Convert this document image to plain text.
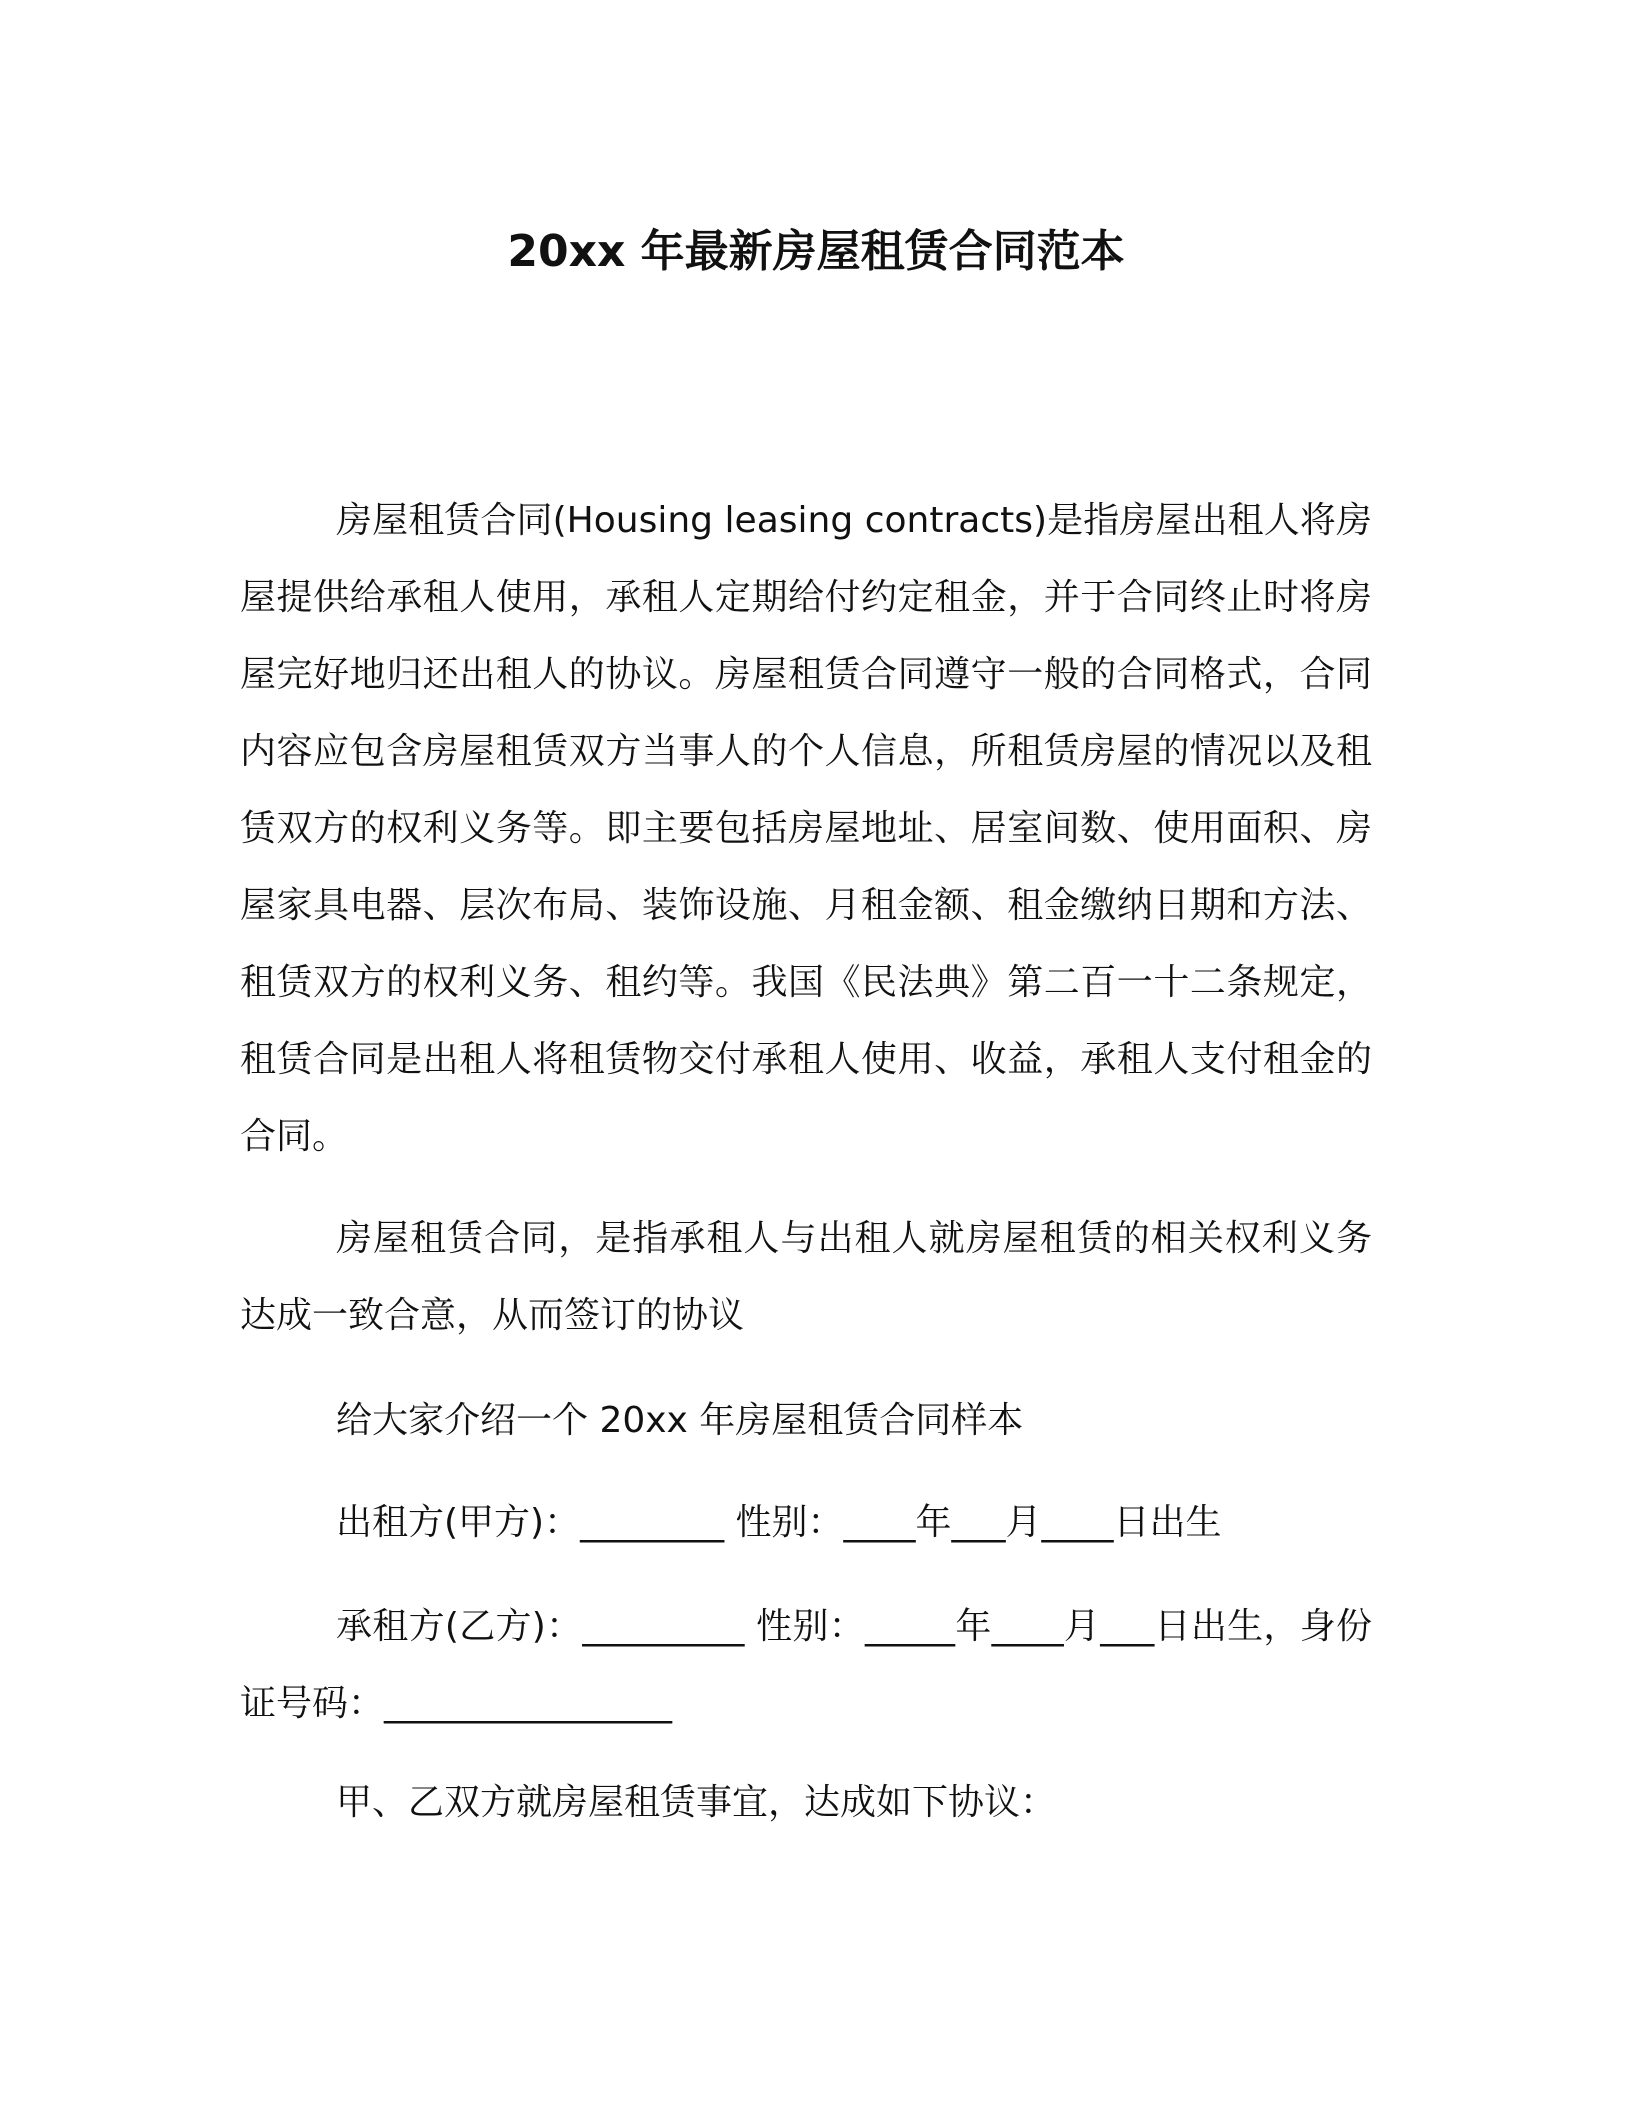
20xx 年最新房屋租赁合同范本

房屋租赁合同(Housing leasing contracts)是指房屋出租人将房屋提供给承租人使用，承租人定期给付约定租金，并于合同终止时将房屋完好地归还出租人的协议。房屋租赁合同遵守一般的合同格式，合同内容应包含房屋租赁双方当事人的个人信息，所租赁房屋的情况以及租赁双方的权利义务等。即主要包括房屋地址、居室间数、使用面积、房屋家具电器、层次布局、装饰设施、月租金额、租金缴纳日期和方法、租赁双方的权利义务、租约等。我国《民法典》第二百一十二条规定，租赁合同是出租人将租赁物交付承租人使用、收益，承租人支付租金的合同。

房屋租赁合同，是指承租人与出租人就房屋租赁的相关权利义务达成一致合意，从而签订的协议

给大家介绍一个 20xx 年房屋租赁合同样本

出租方(甲方)：________ 性别：____年___月____日出生

承租方(乙方)：_________ 性别：_____年____月___日出生，身份证号码：________________

甲、乙双方就房屋租赁事宜，达成如下协议：
